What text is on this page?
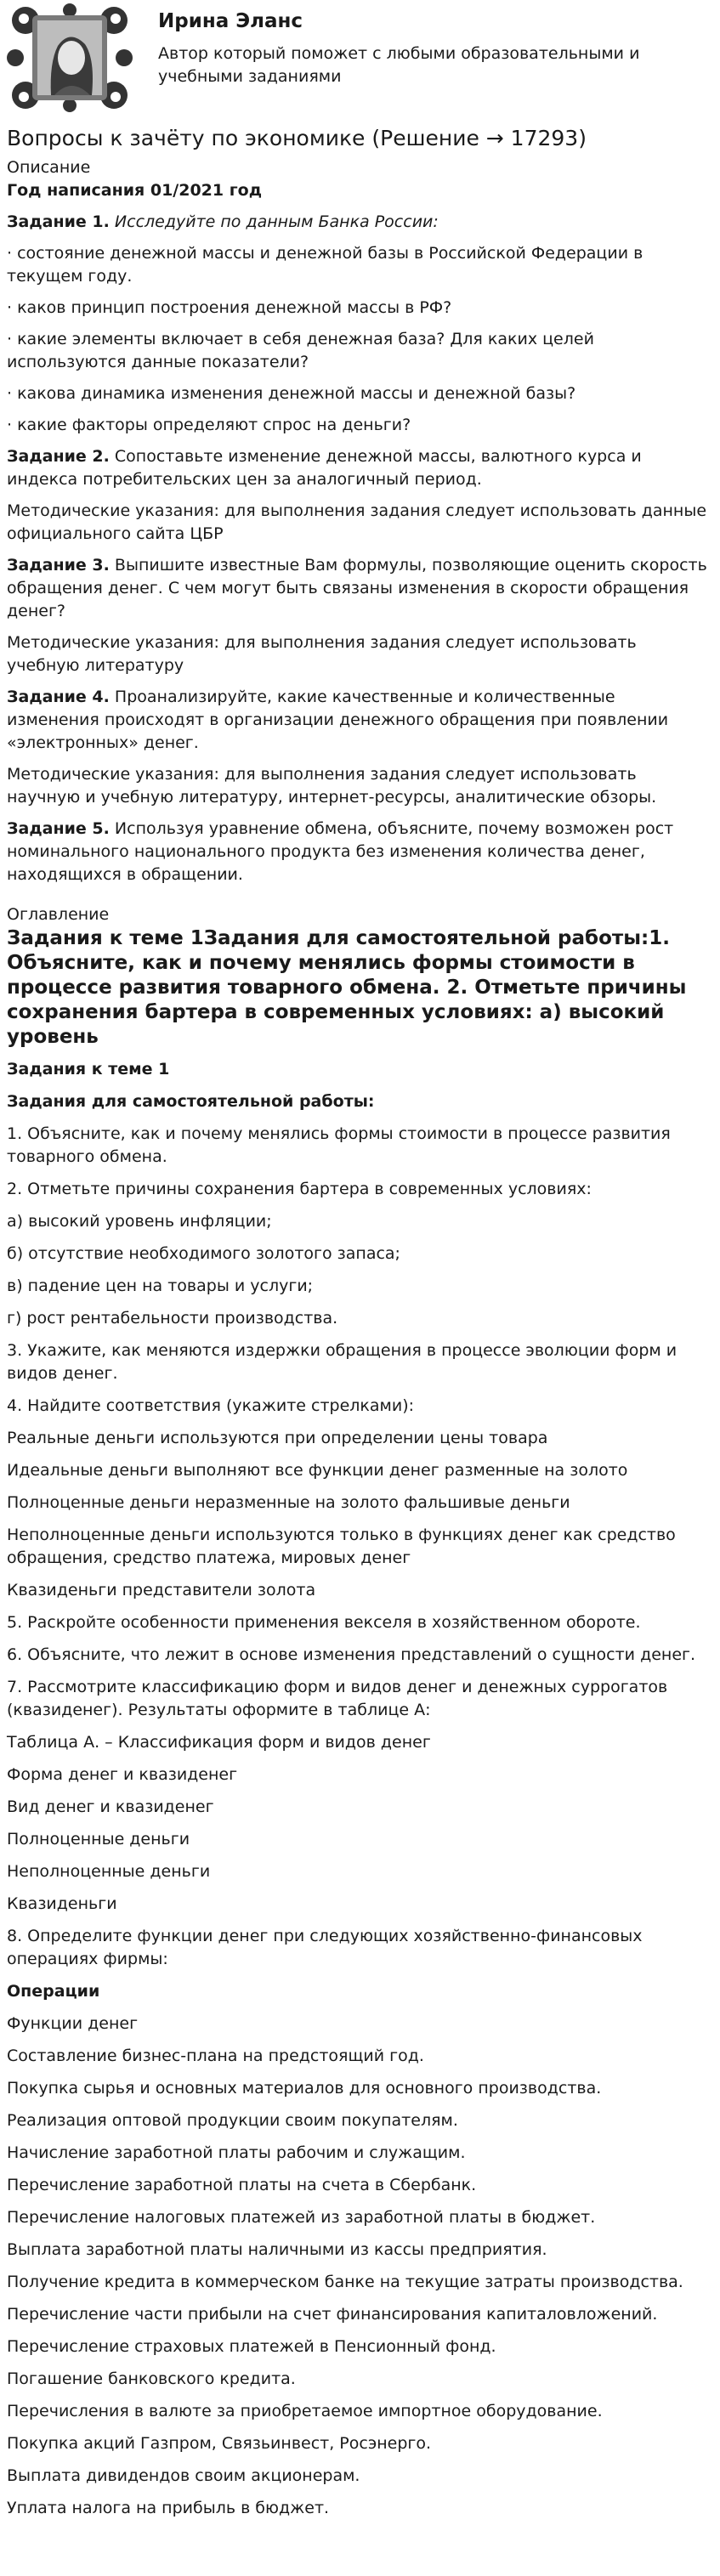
Ирина Эланс
Автор который поможет с любыми образовательными и учебными заданиями
Вопросы к зачёту по экономике (Решение → 17293)
Описание
Год написания 01/2021 год

Задание 1. Исследуйте по данным Банка России:

· состояние денежной массы и денежной базы в Российской Федерации в текущем году.

· каков принцип построения денежной массы в РФ?

· какие элементы включает в себя денежная база? Для каких целей используются данные показатели?

· какова динамика изменения денежной массы и денежной базы?

· какие факторы определяют спрос на деньги?

Задание 2. Сопоставьте изменение денежной массы, валютного курса и индекса потребительских цен за аналогичный период.

Методические указания: для выполнения задания следует использовать данные официального сайта ЦБР

Задание 3. Выпишите известные Вам формулы, позволяющие оценить скорость обращения денег. С чем могут быть связаны изменения в скорости обращения денег?

Методические указания: для выполнения задания следует использовать учебную литературу

Задание 4. Проанализируйте, какие качественные и количественные изменения происходят в организации денежного обращения при появлении «электронных» денег.

Методические указания: для выполнения задания следует использовать научную и учебную литературу, интернет-ресурсы, аналитические обзоры.

Задание 5. Используя уравнение обмена, объясните, почему возможен рост номинального национального продукта без изменения количества денег, находящихся в обращении.

Оглавление
Задания к теме 1Задания для самостоятельной работы:1. Объясните, как и почему менялись формы стоимости в процессе развития товарного обмена. 2. Отметьте причины сохранения бартера в современных условиях: а) высокий уровень

Задания к теме 1

Задания для самостоятельной работы:

1. Объясните, как и почему менялись формы стоимости в процессе развития товарного обмена.

2. Отметьте причины сохранения бартера в современных условиях:

а) высокий уровень инфляции;

б) отсутствие необходимого золотого запаса;

в) падение цен на товары и услуги;

г) рост рентабельности производства.

3. Укажите, как меняются издержки обращения в процессе эволюции форм и видов денег.

4. Найдите соответствия (укажите стрелками):

Реальные деньги используются при определении цены товара

Идеальные деньги выполняют все функции денег разменные на золото

Полноценные деньги неразменные на золото фальшивые деньги

Неполноценные деньги используются только в функциях денег как средство обращения, средство платежа, мировых денег

Квазиденьги представители золота

5. Раскройте особенности применения векселя в хозяйственном обороте.

6. Объясните, что лежит в основе изменения представлений о сущности денег.

7. Рассмотрите классификацию форм и видов денег и денежных суррогатов (квазиденег). Результаты оформите в таблице А:

Таблица А. – Классификация форм и видов денег

Форма денег и квазиденег

Вид денег и квазиденег

Полноценные деньги

Неполноценные деньги

Квазиденьги

8. Определите функции денег при следующих хозяйственно-финансовых операциях фирмы:

Операции

Функции денег

Составление бизнес-плана на предстоящий год.

Покупка сырья и основных материалов для основного производства.

Реализация оптовой продукции своим покупателям.

Начисление заработной платы рабочим и служащим.

Перечисление заработной платы на счета в Сбербанк.

Перечисление налоговых платежей из заработной платы в бюджет.

Выплата заработной платы наличными из кассы предприятия.

Получение кредита в коммерческом банке на текущие затраты производства.

Перечисление части прибыли на счет финансирования капиталовложений.

Перечисление страховых платежей в Пенсионный фонд.

Погашение банковского кредита.

Перечисления в валюте за приобретаемое импортное оборудование.

Покупка акций Газпром, Связьинвест, Росэнерго.

Выплата дивидендов своим акционерам.

Уплата налога на прибыль в бюджет.
